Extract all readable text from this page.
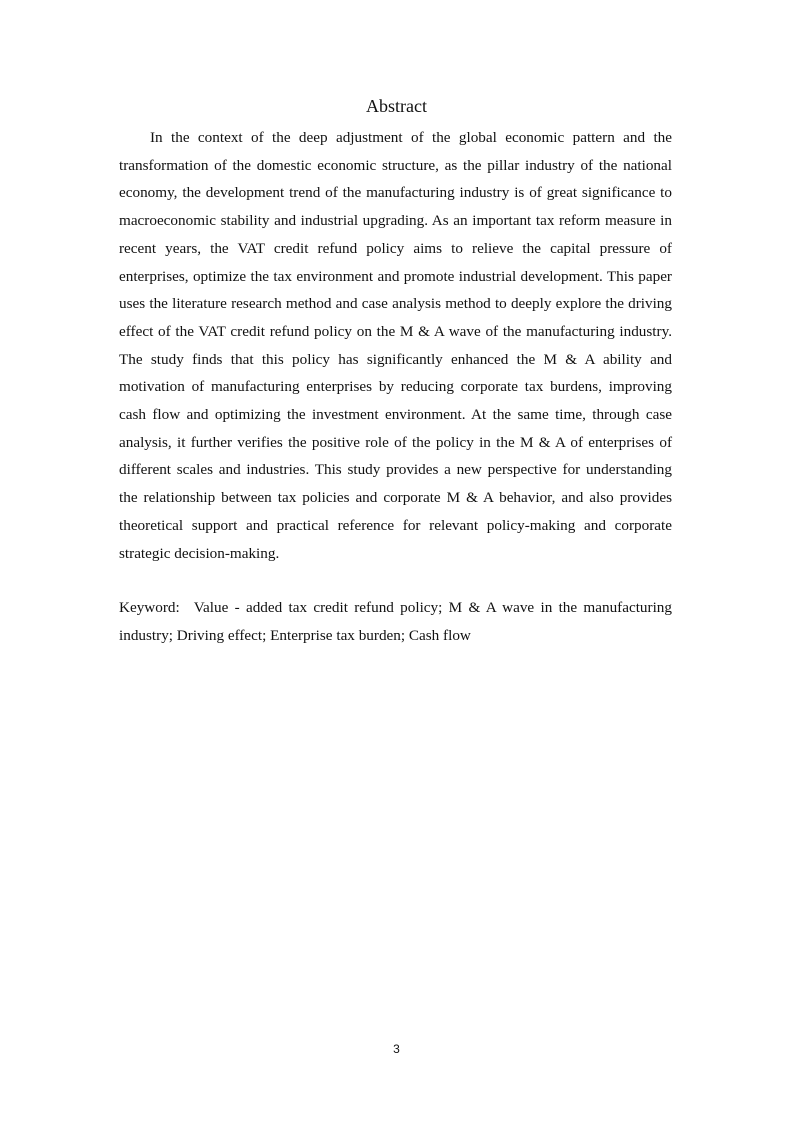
Abstract

In the context of the deep adjustment of the global economic pattern and the transformation of the domestic economic structure, as the pillar industry of the national economy, the development trend of the manufacturing industry is of great significance to macroeconomic stability and industrial upgrading. As an important tax reform measure in recent years, the VAT credit refund policy aims to relieve the capital pressure of enterprises, optimize the tax environment and promote industrial development. This paper uses the literature research method and case analysis method to deeply explore the driving effect of the VAT credit refund policy on the M & A wave of the manufacturing industry. The study finds that this policy has significantly enhanced the M & A ability and motivation of manufacturing enterprises by reducing corporate tax burdens, improving cash flow and optimizing the investment environment. At the same time, through case analysis, it further verifies the positive role of the policy in the M & A of enterprises of different scales and industries. This study provides a new perspective for understanding the relationship between tax policies and corporate M & A behavior, and also provides theoretical support and practical reference for relevant policy-making and corporate strategic decision-making.

Keyword: Value - added tax credit refund policy; M & A wave in the manufacturing industry; Driving effect; Enterprise tax burden; Cash flow

3
